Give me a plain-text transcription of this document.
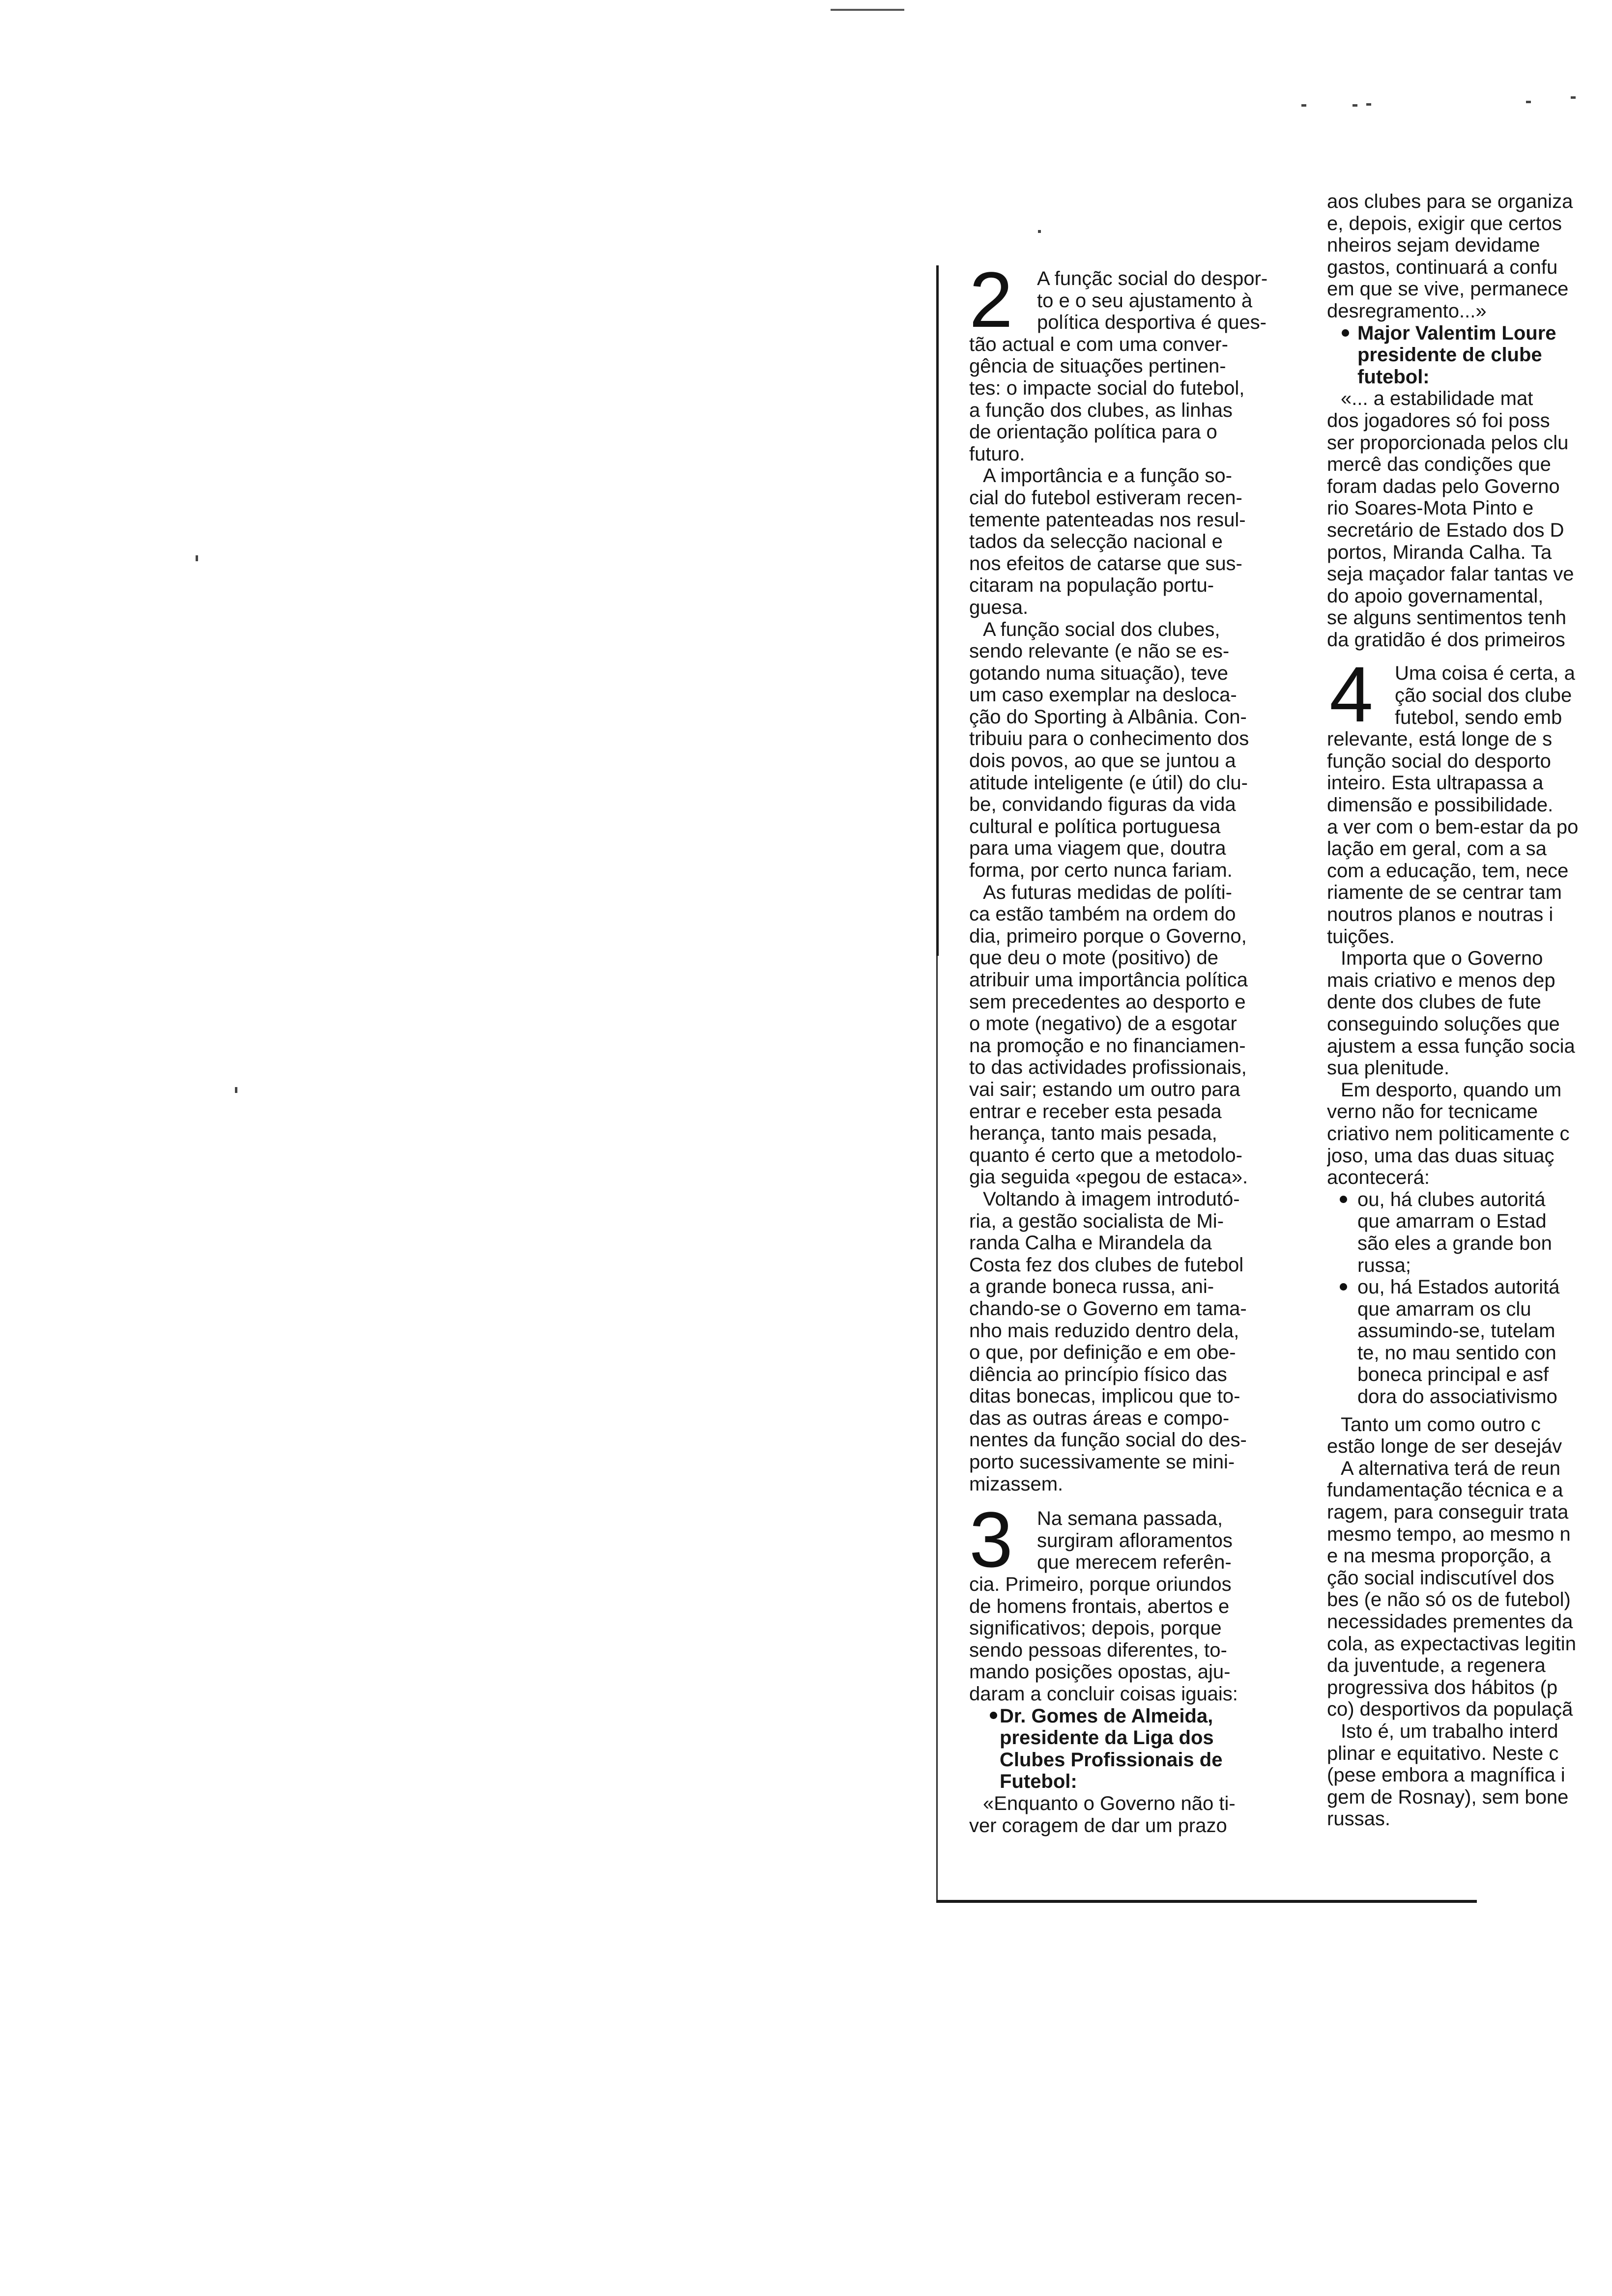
2	A funçãc social do despor-
to e o seu ajustamento à
política desportiva é ques-
tão actual e com uma conver-
gência de situações pertinen-
tes: o impacte social do futebol,
a função dos clubes, as linhas
de orientação política para o
futuro.
A importância e a função so-
cial do futebol estiveram recen-
temente patenteadas nos resul-
tados da selecção nacional e
nos efeitos de catarse que sus-
citaram na população portu-
guesa.
A função social dos clubes,
sendo relevante (e não se es-
gotando numa situação), teve
um caso exemplar na desloca-
ção do Sporting à Albânia. Con-
tribuiu para o conhecimento dos
dois povos, ao que se juntou a
atitude inteligente (e útil) do clu-
be, convidando figuras da vida
cultural e política portuguesa
para uma viagem que, doutra
forma, por certo nunca fariam.
As futuras medidas de políti-
ca estão também na ordem do
dia, primeiro porque o Governo,
que deu o mote (positivo) de
atribuir uma importância política
sem precedentes ao desporto e
o mote (negativo) de a esgotar
na promoção e no financiamen-
to das actividades profissionais,
vai sair; estando um outro para
entrar e receber esta pesada
herança, tanto mais pesada,
quanto é certo que a metodolo-
gia seguida «pegou de estaca».
Voltando à imagem introdutó-
ria, a gestão socialista de Mi-
randa Calha e Mirandela da
Costa fez dos clubes de futebol
a grande boneca russa, ani-
chando-se o Governo em tama-
nho mais reduzido dentro dela,
o que, por definição e em obe-
diência ao princípio físico das
ditas bonecas, implicou que to-
das as outras áreas e compo-
nentes da função social do des-
porto sucessivamente se mini-
mizassem.
3	Na semana passada,
surgiram afloramentos
que merecem referên-
cia. Primeiro, porque oriundos
de homens frontais, abertos e
significativos; depois, porque
sendo pessoas diferentes, to-
mando posições opostas, aju-
daram a concluir coisas iguais:
Dr. Gomes de Almeida,
presidente da Liga dos
Clubes Profissionais de
Futebol:
«Enquanto o Governo não ti-
ver coragem de dar um prazo
aos clubes para se organiza
e, depois, exigir que certos
nheiros sejam devidame
gastos, continuará a confu
em que se vive, permanece
desregramento...»
Major Valentim Loure
presidente de clube
futebol:
«... a estabilidade mat
dos jogadores só foi poss
ser proporcionada pelos clu
mercê das condições que
foram dadas pelo Governo
rio Soares-Mota Pinto e
secretário de Estado dos D
portos, Miranda Calha. Ta
seja maçador falar tantas ve
do apoio governamental,
se alguns sentimentos tenh
da gratidão é dos primeiros
4	Uma coisa é certa, a
ção social dos clube
futebol, sendo emb
relevante, está longe de s
função social do desporto
inteiro. Esta ultrapassa a
dimensão e possibilidade.
a ver com o bem-estar da po
lação em geral, com a sa
com a educação, tem, nece
riamente de se centrar tam
noutros planos e noutras i
tuições.
Importa que o Governo
mais criativo e menos dep
dente dos clubes de fute
conseguindo soluções que
ajustem a essa função socia
sua plenitude.
Em desporto, quando um
verno não for tecnicame
criativo nem politicamente c
joso, uma das duas situaç
acontecerá:
ou, há clubes autoritá
que amarram o Estad
são eles a grande bon
russa;
ou, há Estados autoritá
que amarram os clu
assumindo-se, tutelam
te, no mau sentido con
boneca principal e asf
dora do associativismo
Tanto um como outro c
estão longe de ser desejáv
A alternativa terá de reun
fundamentação técnica e a
ragem, para conseguir trata
mesmo tempo, ao mesmo n
e na mesma proporção, a
ção social indiscutível dos
bes (e não só os de futebol)
necessidades prementes da
cola, as expectactivas legitin
da juventude, a regenera
progressiva dos hábitos (p
co) desportivos da populaçã
Isto é, um trabalho interd
plinar e equitativo. Neste c
(pese embora a magnífica i
gem de Rosnay), sem bone
russas.
